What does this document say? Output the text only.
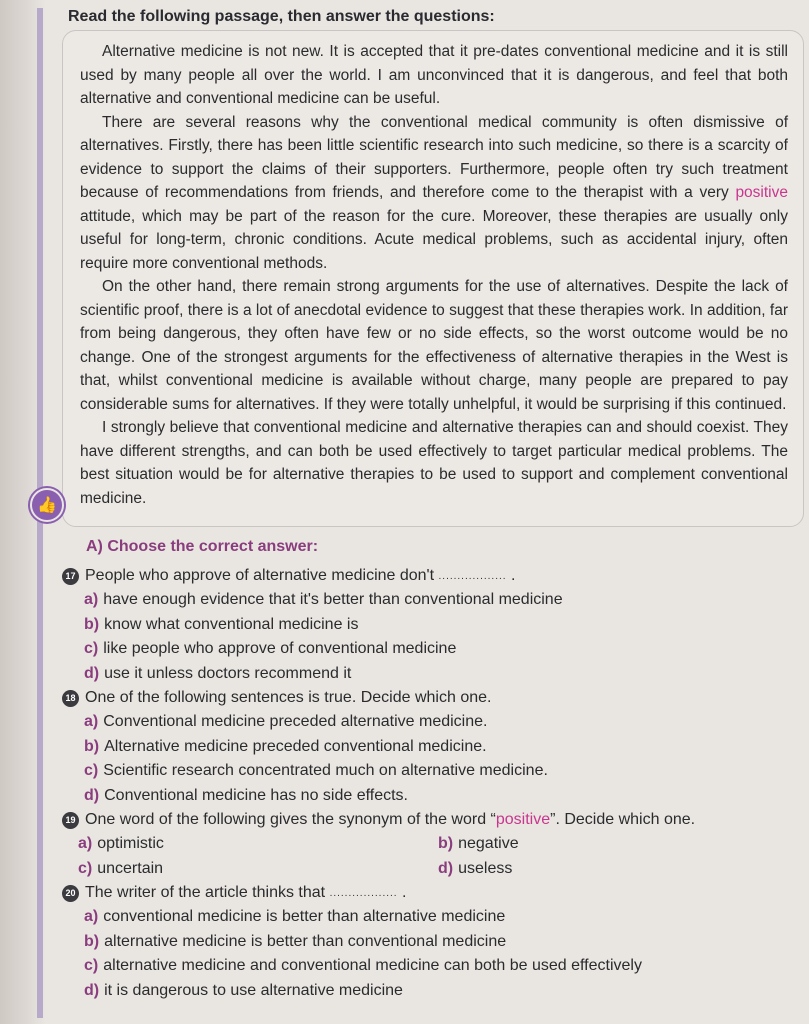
Read the following passage, then answer the questions:

Alternative medicine is not new. It is accepted that it pre-dates conventional medicine and it is still used by many people all over the world. I am unconvinced that it is dangerous, and feel that both alternative and conventional medicine can be useful.

There are several reasons why the conventional medical community is often dismissive of alternatives. Firstly, there has been little scientific research into such medicine, so there is a scarcity of evidence to support the claims of their supporters. Furthermore, people often try such treatment because of recommendations from friends, and therefore come to the therapist with a very positive attitude, which may be part of the reason for the cure. Moreover, these therapies are usually only useful for long-term, chronic conditions. Acute medical problems, such as accidental injury, often require more conventional methods.

On the other hand, there remain strong arguments for the use of alternatives. Despite the lack of scientific proof, there is a lot of anecdotal evidence to suggest that these therapies work. In addition, far from being dangerous, they often have few or no side effects, so the worst outcome would be no change. One of the strongest arguments for the effectiveness of alternative therapies in the West is that, whilst conventional medicine is available without charge, many people are prepared to pay considerable sums for alternatives. If they were totally unhelpful, it would be surprising if this continued.

I strongly believe that conventional medicine and alternative therapies can and should coexist. They have different strengths, and can both be used effectively to target particular medical problems. The best situation would be for alternative therapies to be used to support and complement conventional medicine.

👍
A) Choose the correct answer:
17 People who approve of alternative medicine don't
..................
.
a) have enough evidence that it's better than conventional medicine
b) know what conventional medicine is
c) like people who approve of conventional medicine
d) use it unless doctors recommend it
18 One of the following sentences is true. Decide which one.
a) Conventional medicine preceded alternative medicine.
b) Alternative medicine preceded conventional medicine.
c) Scientific research concentrated much on alternative medicine.
d) Conventional medicine has no side effects.
19 One word of the following gives the synonym of the word “positive”. Decide which one.
a) optimistic	b) negative
c) uncertain	d) useless
20 The writer of the article thinks that
..................
.
a) conventional medicine is better than alternative medicine
b) alternative medicine is better than conventional medicine
c) alternative medicine and conventional medicine can both be used effectively
d) it is dangerous to use alternative medicine
